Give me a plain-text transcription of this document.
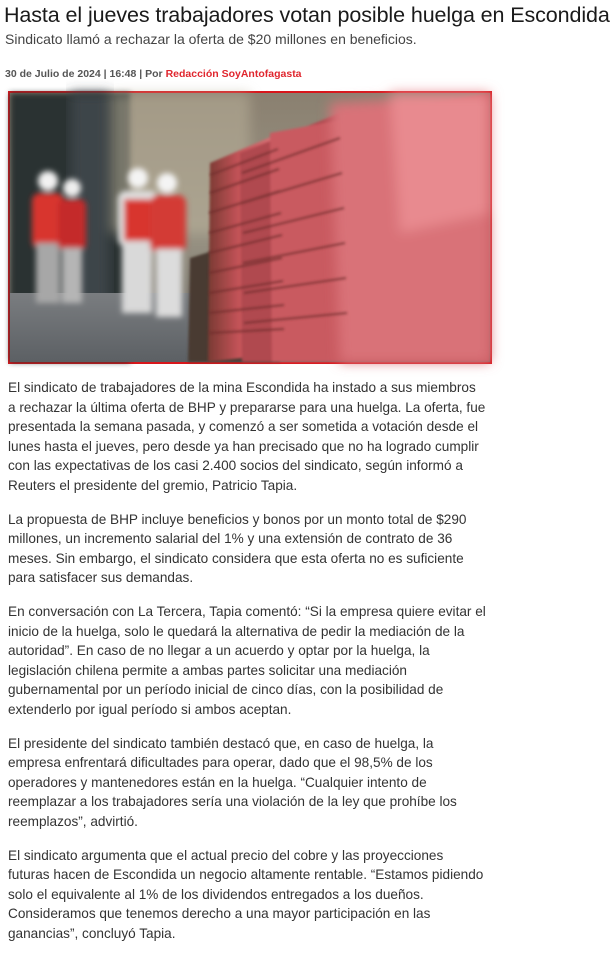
Hasta el jueves trabajadores votan posible huelga en Escondida
Sindicato llamó a rechazar la oferta de $20 millones en beneficios.
30 de Julio de 2024 | 16:48 | Por Redacción SoyAntofagasta

El sindicato de trabajadores de la mina Escondida ha instado a sus miembros a rechazar la última oferta de BHP y prepararse para una huelga. La oferta, fue presentada la semana pasada, y comenzó a ser sometida a votación desde el lunes hasta el jueves, pero desde ya han precisado que no ha logrado cumplir con las expectativas de los casi 2.400 socios del sindicato, según informó a Reuters el presidente del gremio, Patricio Tapia.

La propuesta de BHP incluye beneficios y bonos por un monto total de $290 millones, un incremento salarial del 1% y una extensión de contrato de 36 meses. Sin embargo, el sindicato considera que esta oferta no es suficiente para satisfacer sus demandas.

En conversación con La Tercera, Tapia comentó: “Si la empresa quiere evitar el inicio de la huelga, solo le quedará la alternativa de pedir la mediación de la autoridad”. En caso de no llegar a un acuerdo y optar por la huelga, la legislación chilena permite a ambas partes solicitar una mediación gubernamental por un período inicial de cinco días, con la posibilidad de extenderlo por igual período si ambos aceptan.

El presidente del sindicato también destacó que, en caso de huelga, la empresa enfrentará dificultades para operar, dado que el 98,5% de los operadores y mantenedores están en la huelga. “Cualquier intento de reemplazar a los trabajadores sería una violación de la ley que prohíbe los reemplazos”, advirtió.

El sindicato argumenta que el actual precio del cobre y las proyecciones futuras hacen de Escondida un negocio altamente rentable. “Estamos pidiendo solo el equivalente al 1% de los dividendos entregados a los dueños. Consideramos que tenemos derecho a una mayor participación en las ganancias”, concluyó Tapia.
